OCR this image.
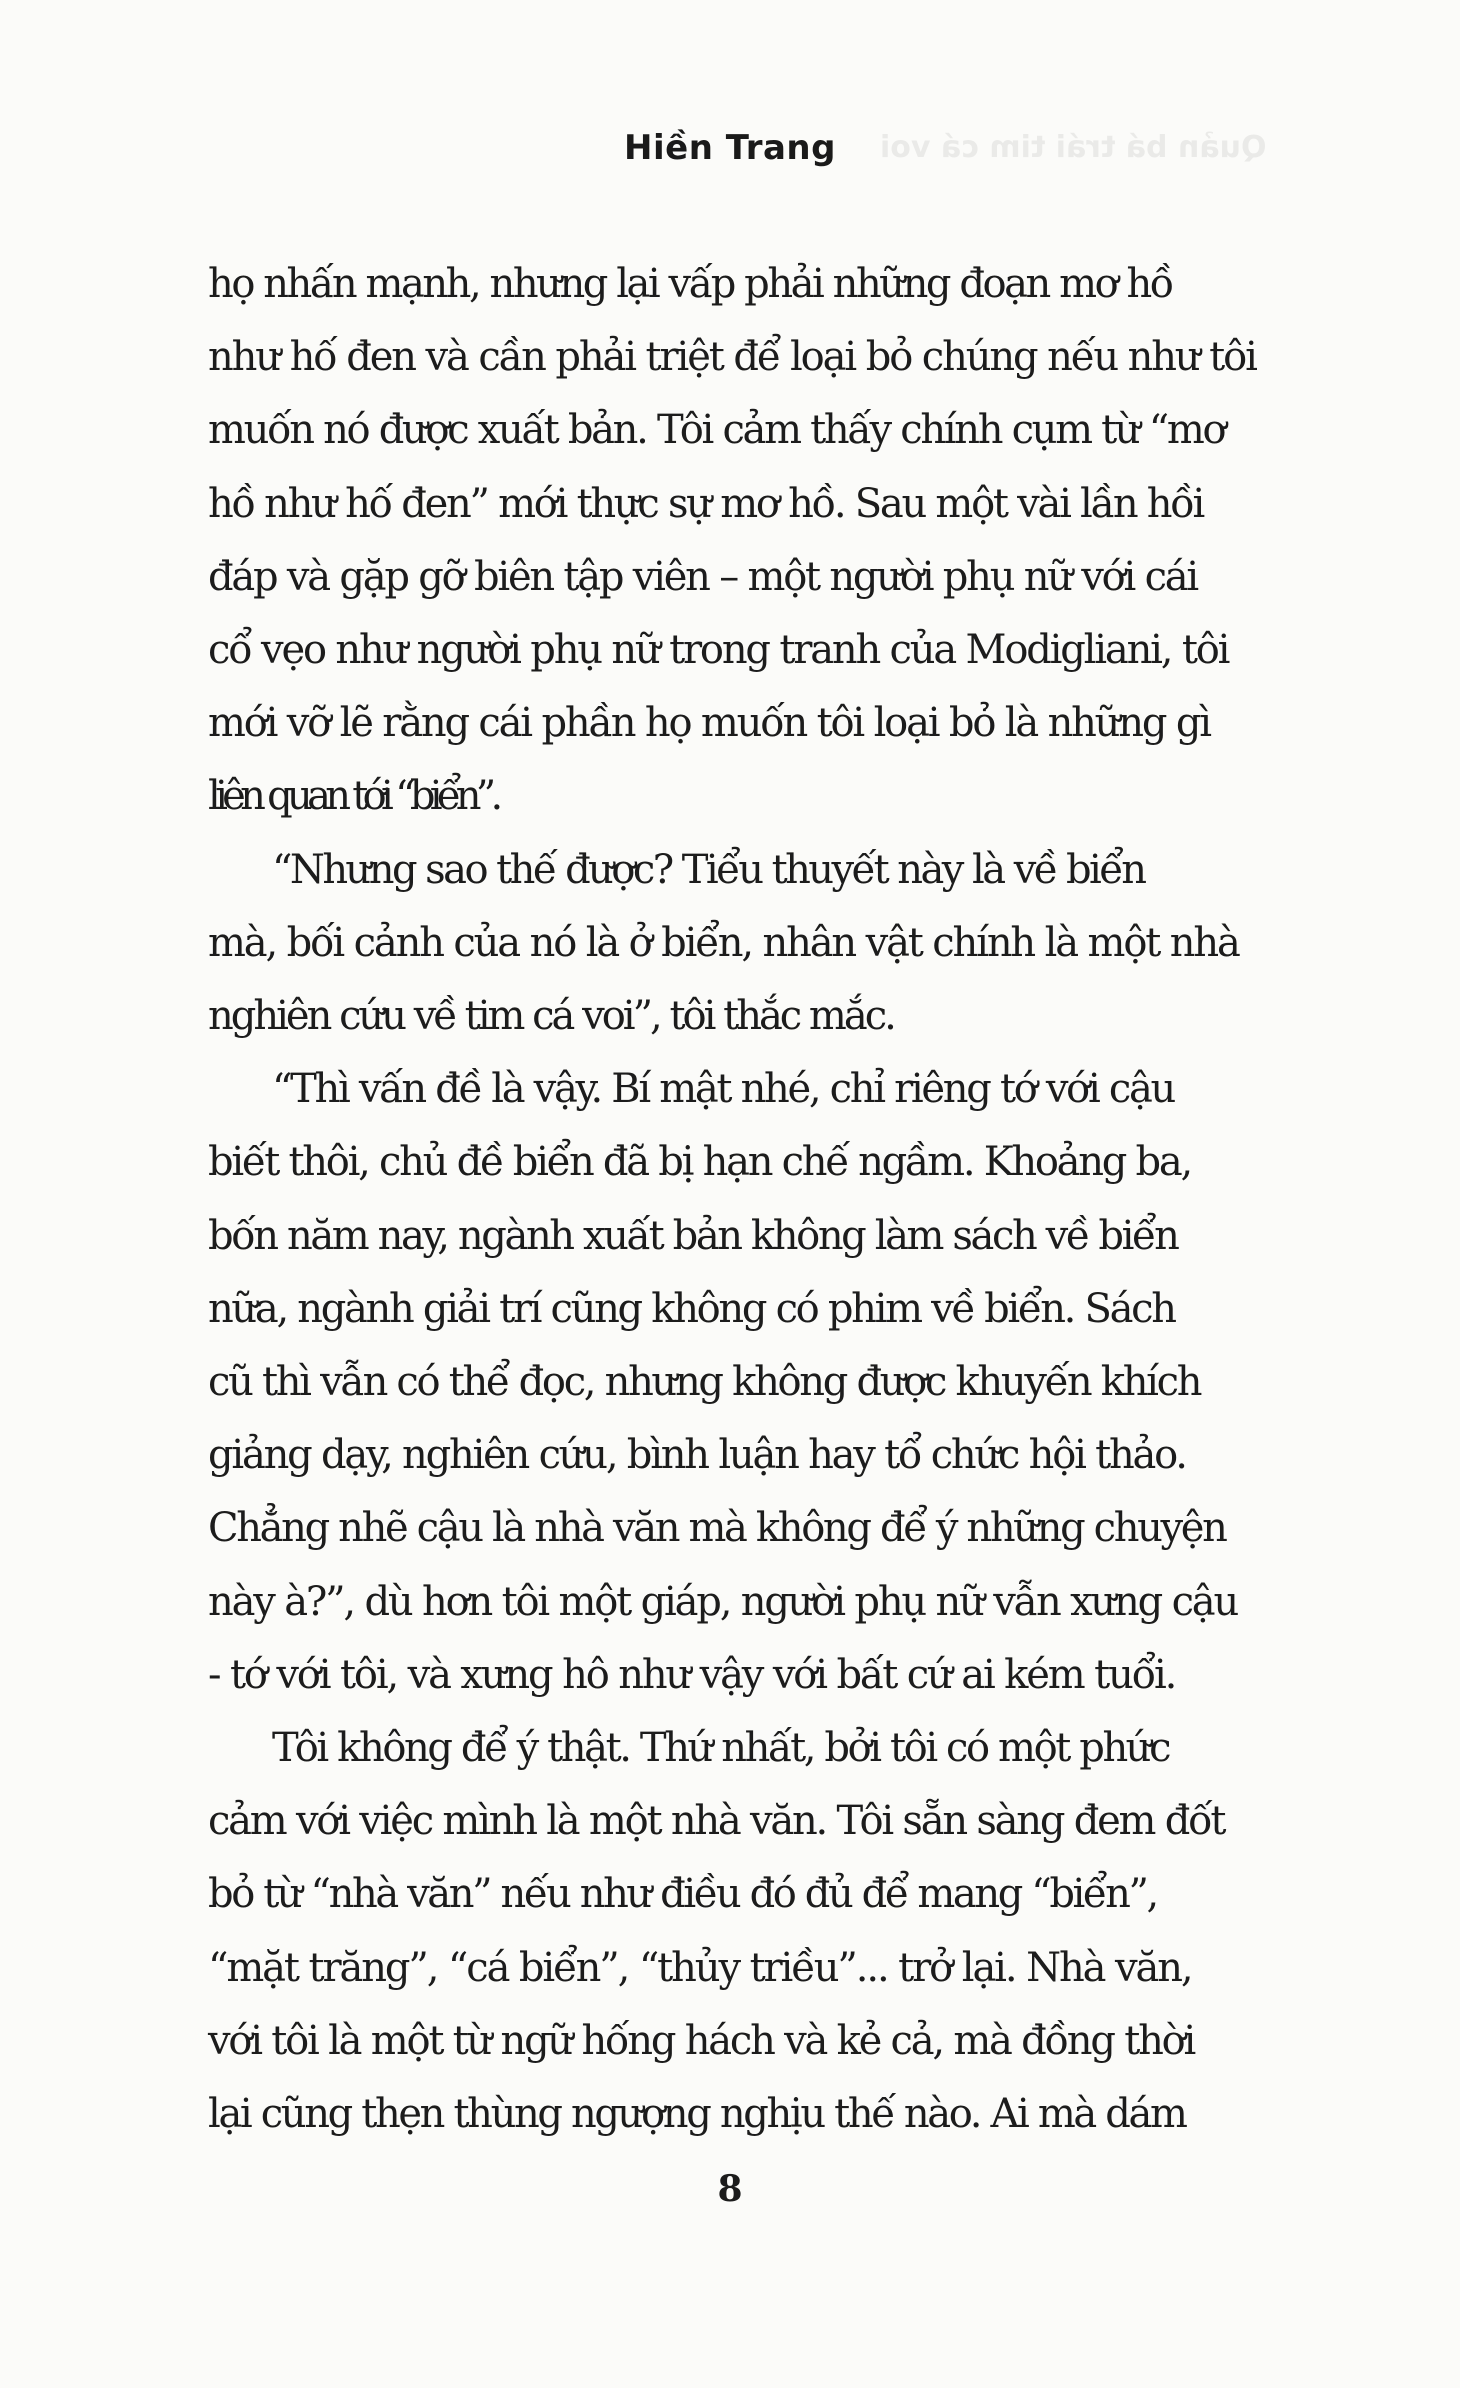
Quản bá trái tim cá voi
Hiền Trang
họ nhấn mạnh, nhưng lại vấp phải những đoạn mơ hồ
như hố đen và cần phải triệt để loại bỏ chúng nếu như tôi
muốn nó được xuất bản. Tôi cảm thấy chính cụm từ “mơ
hồ như hố đen” mới thực sự mơ hồ. Sau một vài lần hồi
đáp và gặp gỡ biên tập viên – một người phụ nữ với cái
cổ vẹo như người phụ nữ trong tranh của Modigliani, tôi
mới vỡ lẽ rằng cái phần họ muốn tôi loại bỏ là những gì
liên quan tới “biển”.
“Nhưng sao thế được? Tiểu thuyết này là về biển
mà, bối cảnh của nó là ở biển, nhân vật chính là một nhà
nghiên cứu về tim cá voi”, tôi thắc mắc.
“Thì vấn đề là vậy. Bí mật nhé, chỉ riêng tớ với cậu
biết thôi, chủ đề biển đã bị hạn chế ngầm. Khoảng ba,
bốn năm nay, ngành xuất bản không làm sách về biển
nữa, ngành giải trí cũng không có phim về biển. Sách
cũ thì vẫn có thể đọc, nhưng không được khuyến khích
giảng dạy, nghiên cứu, bình luận hay tổ chức hội thảo.
Chẳng nhẽ cậu là nhà văn mà không để ý những chuyện
này à?”, dù hơn tôi một giáp, người phụ nữ vẫn xưng cậu
- tớ với tôi, và xưng hô như vậy với bất cứ ai kém tuổi.
Tôi không để ý thật. Thứ nhất, bởi tôi có một phức
cảm với việc mình là một nhà văn. Tôi sẵn sàng đem đốt
bỏ từ “nhà văn” nếu như điều đó đủ để mang “biển”,
“mặt trăng”, “cá biển”, “thủy triều”... trở lại. Nhà văn,
với tôi là một từ ngữ hống hách và kẻ cả, mà đồng thời
lại cũng thẹn thùng ngượng nghịu thế nào. Ai mà dám
8
